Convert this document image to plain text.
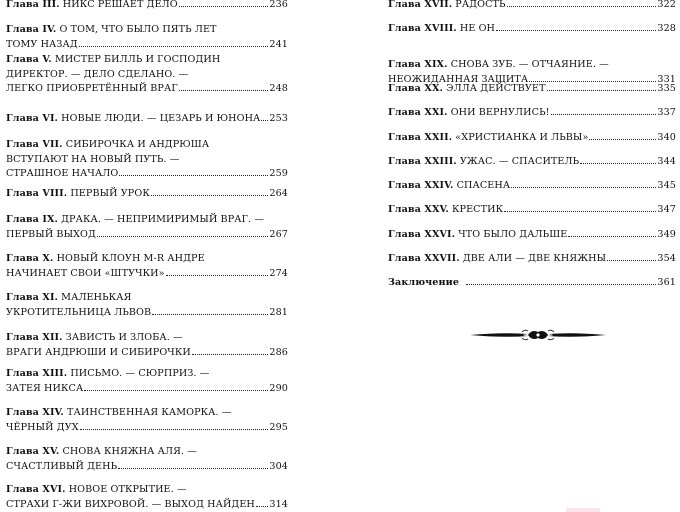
Глава III. НИКС РЕШАЕТ ДЕЛО	236
Глава IV. О ТОМ, ЧТО БЫЛО ПЯТЬ ЛЕТ
ТОМУ НАЗАД	241
Глава V. МИСТЕР БИЛЛЬ И ГОСПОДИН
ДИРЕКТОР. — ДЕЛО СДЕЛАНО. —
ЛЕГКО ПРИОБРЕТЁННЫЙ ВРАГ	248
Глава VI. НОВЫЕ ЛЮДИ. — ЦЕЗАРЬ И ЮНОНА 253
Глава VII. СИБИРОЧКА И АНДРЮША
ВСТУПАЮТ НА НОВЫЙ ПУТЬ. —
СТРАШНОЕ НАЧАЛО	259
Глава VIII. ПЕРВЫЙ УРОК	264
Глава IX. ДРАКА. — НЕПРИМИРИМЫЙ ВРАГ. —
ПЕРВЫЙ ВЫХОД	267
Глава X. НОВЫЙ КЛОУН M-R АНДРЕ
НАЧИНАЕТ СВОИ «ШТУЧКИ»	274
Глава XI. МАЛЕНЬКАЯ
УКРОТИТЕЛЬНИЦА ЛЬВОВ	281
Глава XII. ЗАВИСТЬ И ЗЛОБА. —
ВРАГИ АНДРЮШИ И СИБИРОЧКИ	286
Глава XIII. ПИСЬМО. — СЮРПРИЗ. —
ЗАТЕЯ НИКСА	290
Глава XIV. ТАИНСТВЕННАЯ КАМОРКА. —
ЧЁРНЫЙ ДУХ	295
Глава XV. СНОВА КНЯЖНА АЛЯ. —
СЧАСТЛИВЫЙ ДЕНЬ	304
Глава XVI. НОВОЕ ОТКРЫТИЕ. —
СТРАХИ Г-ЖИ ВИХРОВОЙ. — ВЫХОД НАЙДЕН 314
Глава XVII. РАДОСТЬ	322
Глава XVIII. НЕ ОН	328
Глава XIX. СНОВА ЗУБ. — ОТЧАЯНИЕ. —
НЕОЖИДАННАЯ ЗАЩИТА	331
Глава XX. ЭЛЛА ДЕЙСТВУЕТ	335
Глава XXI. ОНИ ВЕРНУЛИСЬ!	337
Глава XXII. «ХРИСТИАНКА И ЛЬВЫ»	340
Глава XXIII. УЖАС. — СПАСИТЕЛЬ	344
Глава XXIV. СПАСЕНА	345
Глава XXV. КРЕСТИК	347
Глава XXVI. ЧТО БЫЛО ДАЛЬШЕ	349
Глава XXVII. ДВЕ АЛИ — ДВЕ КНЯЖНЫ	354
Заключение	361
